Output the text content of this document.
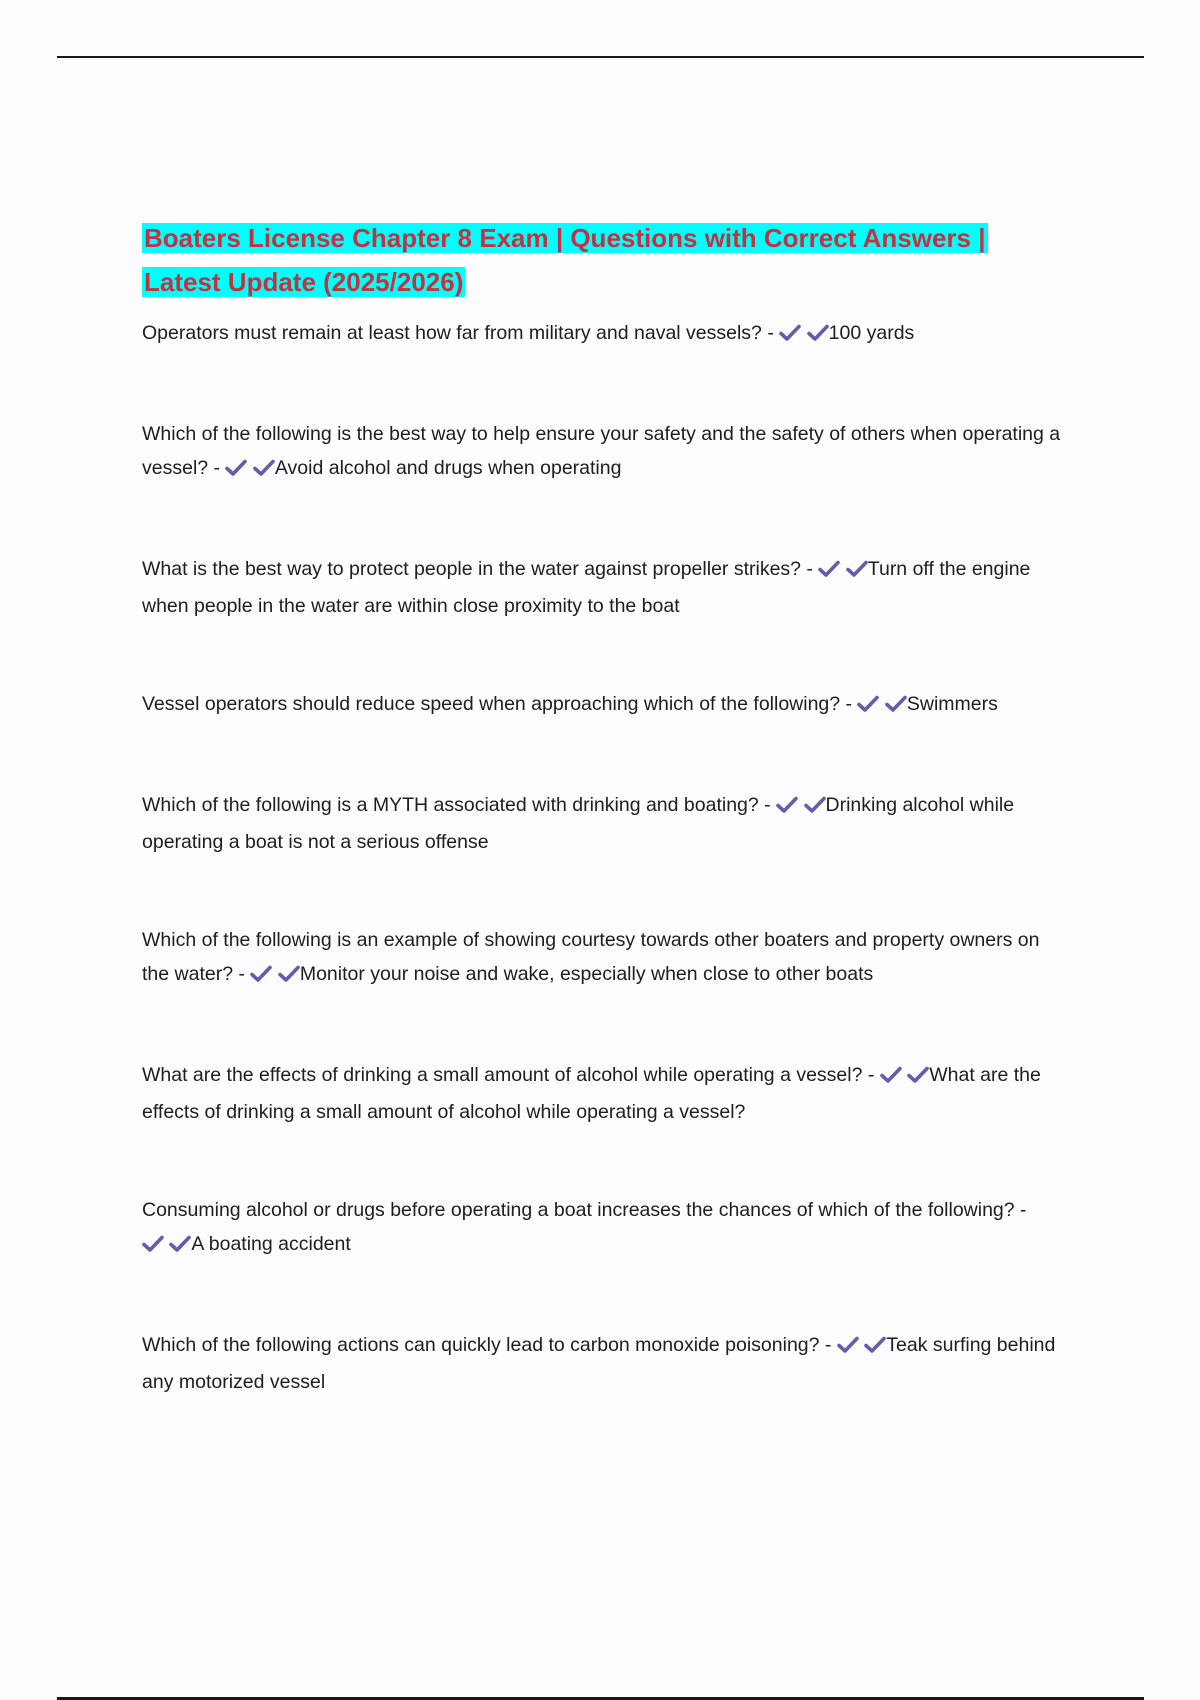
Boaters License Chapter 8 Exam | Questions with Correct Answers | Latest Update (2025/2026)
Operators must remain at least how far from military and naval vessels? -	100 yards
Which of the following is the best way to help ensure your safety and the safety of others when operating a vessel? -	Avoid alcohol and drugs when operating
What is the best way to protect people in the water against propeller strikes? -	Turn off the engine when people in the water are within close proximity to the boat
Vessel operators should reduce speed when approaching which of the following? -	Swimmers
Which of the following is a MYTH associated with drinking and boating? -	Drinking alcohol while operating a boat is not a serious offense
Which of the following is an example of showing courtesy towards other boaters and property owners on the water? -	Monitor your noise and wake, especially when close to other boats
What are the effects of drinking a small amount of alcohol while operating a vessel? -	What are the effects of drinking a small amount of alcohol while operating a vessel?
Consuming alcohol or drugs before operating a boat increases the chances of which of the following? -  A boating accident
Which of the following actions can quickly lead to carbon monoxide poisoning? -	Teak surfing behind any motorized vessel
